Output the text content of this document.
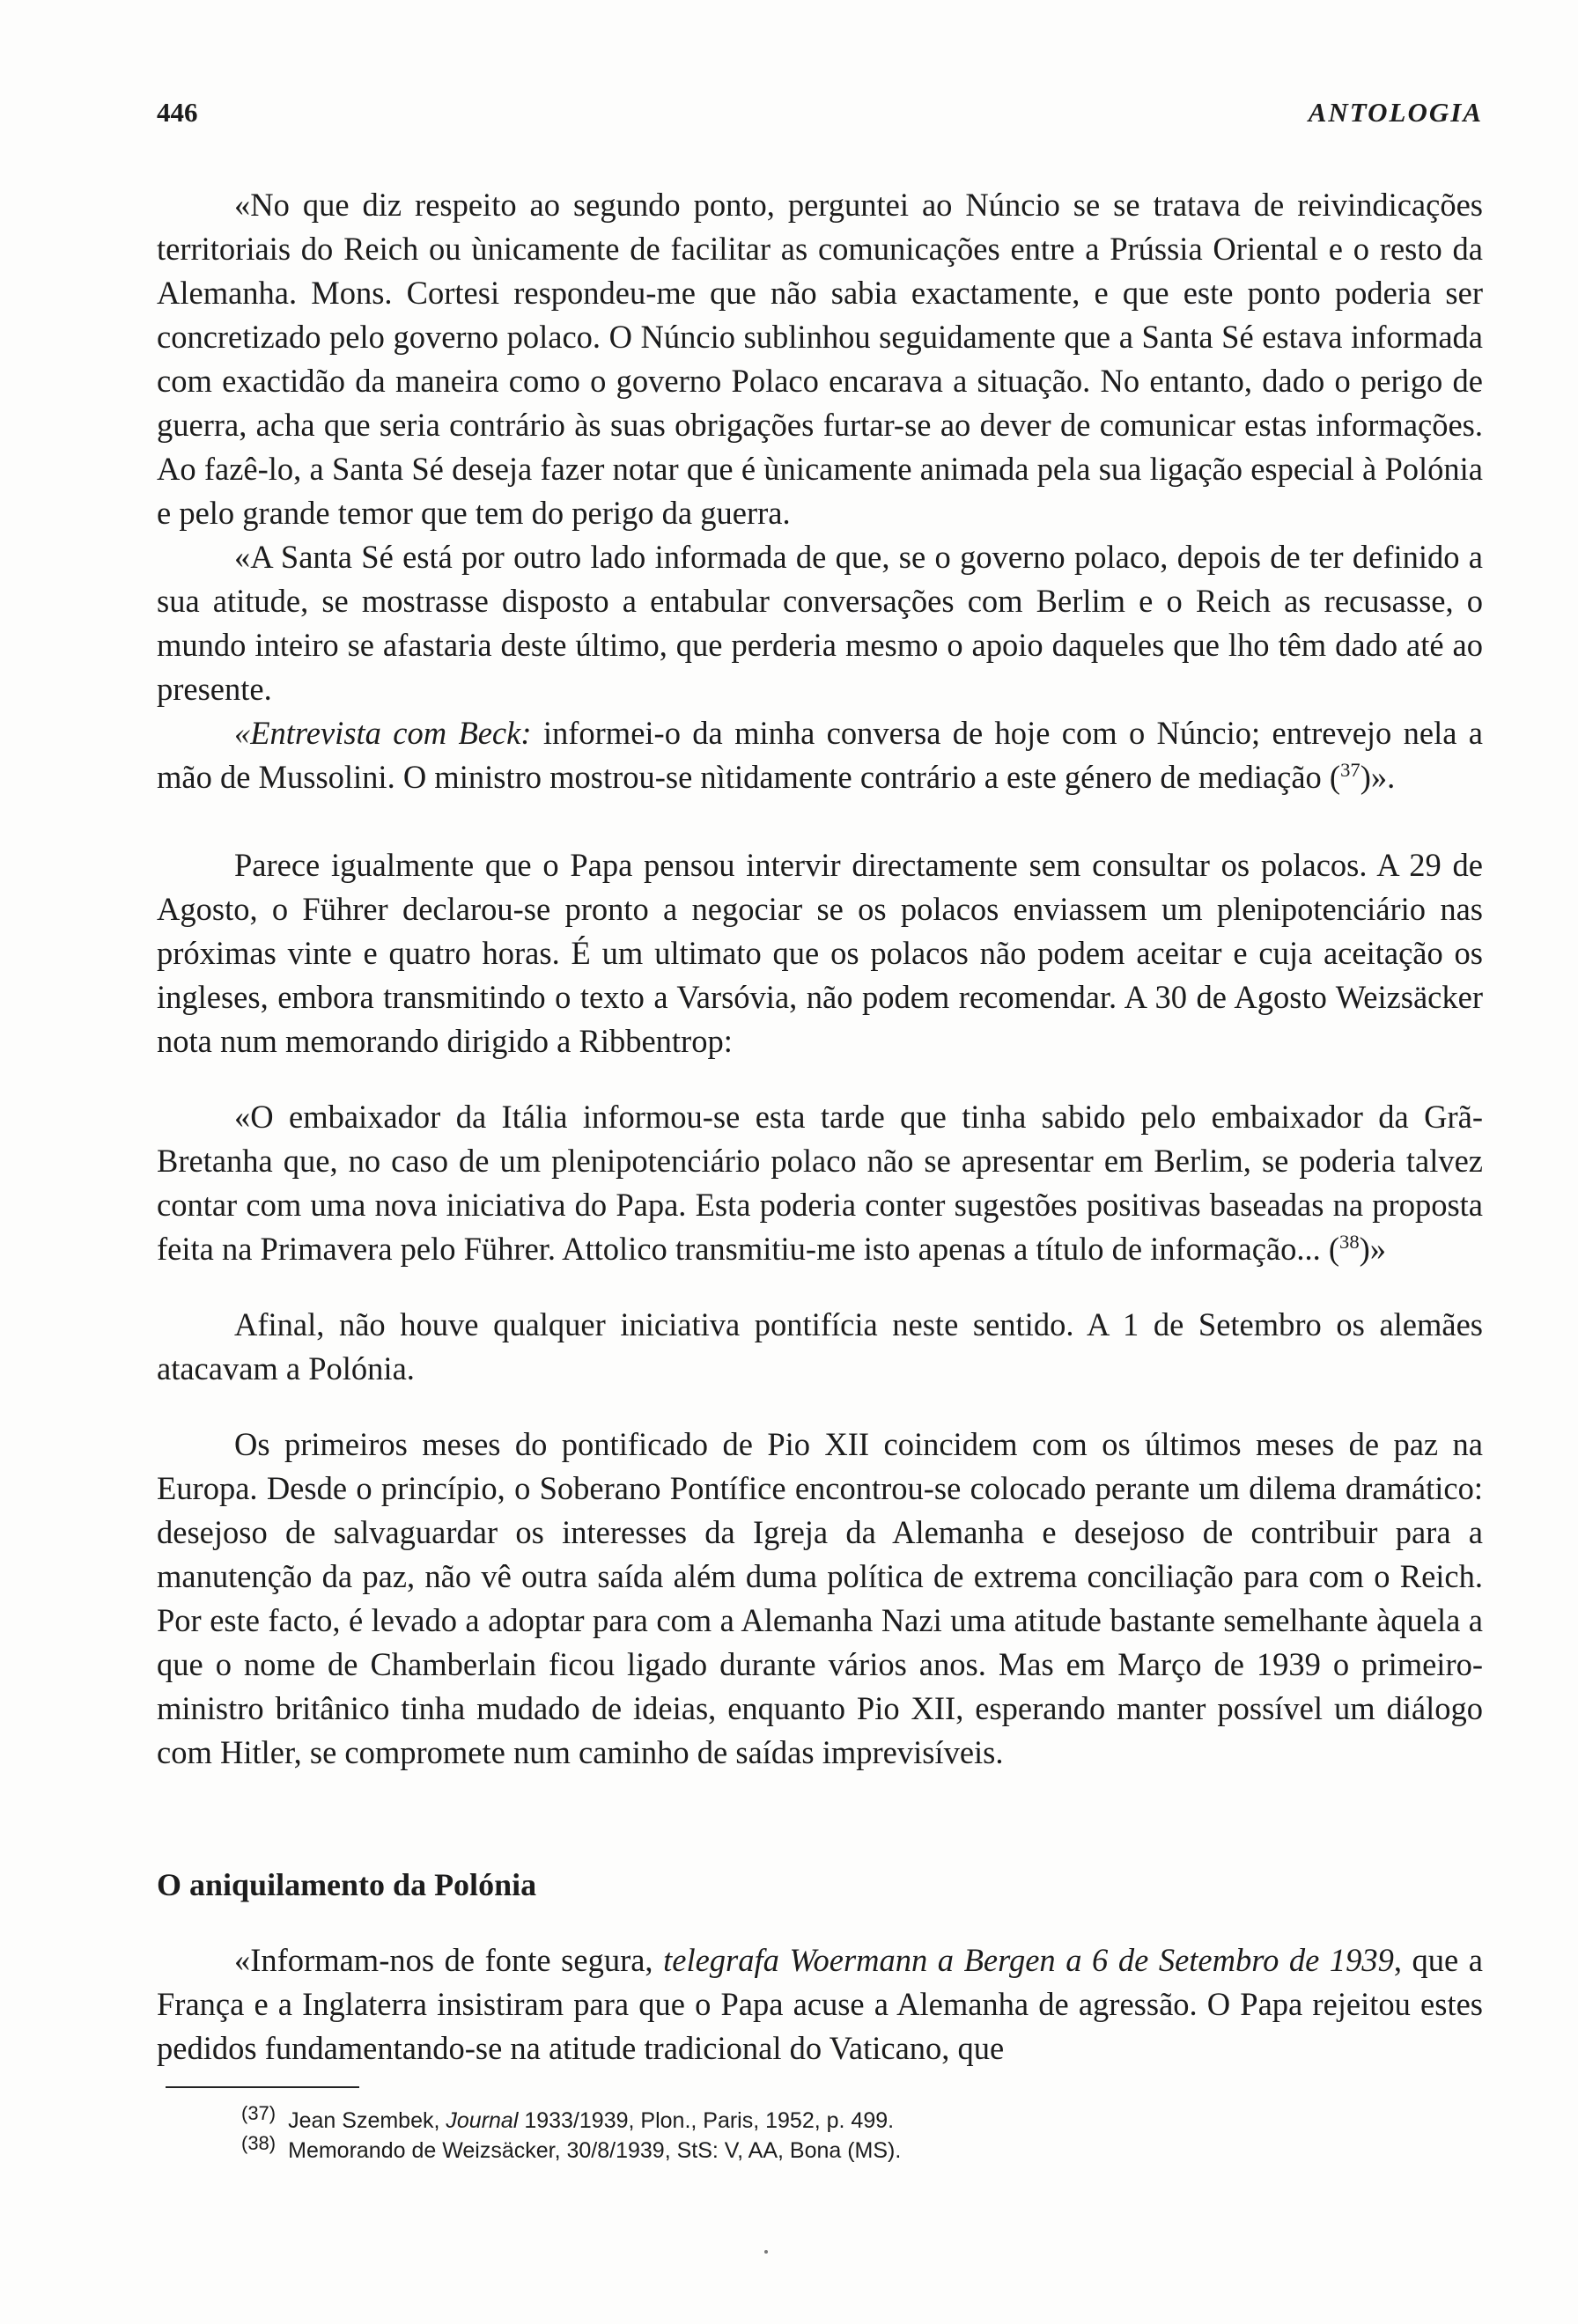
446	ANTOLOGIA

«No que diz respeito ao segundo ponto, perguntei ao Núncio se se tratava de reivindicações territoriais do Reich ou ùnicamente de facilitar as comunicações entre a Prússia Oriental e o resto da Alemanha. Mons. Cortesi respondeu-me que não sabia exactamente, e que este ponto poderia ser concretizado pelo governo polaco. O Núncio sublinhou seguidamente que a Santa Sé estava informada com exactidão da maneira como o governo Polaco encarava a situação. No entanto, dado o perigo de guerra, acha que seria contrário às suas obrigações furtar-se ao dever de comunicar estas informações. Ao fazê-lo, a Santa Sé deseja fazer notar que é ùnicamente animada pela sua ligação especial à Polónia e pelo grande temor que tem do perigo da guerra.

«A Santa Sé está por outro lado informada de que, se o governo polaco, depois de ter definido a sua atitude, se mostrasse disposto a entabular conversações com Berlim e o Reich as recusasse, o mundo inteiro se afastaria deste último, que perderia mesmo o apoio daqueles que lho têm dado até ao presente.

«Entrevista com Beck: informei-o da minha conversa de hoje com o Núncio; entrevejo nela a mão de Mussolini. O ministro mostrou-se nìtidamente contrário a este género de mediação ($^{37}$)».

Parece igualmente que o Papa pensou intervir directamente sem consultar os polacos. A 29 de Agosto, o Führer declarou-se pronto a negociar se os polacos enviassem um plenipotenciário nas próximas vinte e quatro horas. É um ultimato que os polacos não podem aceitar e cuja aceitação os ingleses, embora transmitindo o texto a Varsóvia, não podem recomendar. A 30 de Agosto Weizsäcker nota num memorando dirigido a Ribbentrop:

«O embaixador da Itália informou-se esta tarde que tinha sabido pelo embaixador da Grã-Bretanha que, no caso de um plenipotenciário polaco não se apresentar em Berlim, se poderia talvez contar com uma nova iniciativa do Papa. Esta poderia conter sugestões positivas baseadas na proposta feita na Primavera pelo Führer. Attolico transmitiu-me isto apenas a título de informação... ($^{38}$)»

Afinal, não houve qualquer iniciativa pontifícia neste sentido. A 1 de Setembro os alemães atacavam a Polónia.

Os primeiros meses do pontificado de Pio XII coincidem com os últimos meses de paz na Europa. Desde o princípio, o Soberano Pontífice encontrou-se colocado perante um dilema dramático: desejoso de salvaguardar os interesses da Igreja da Alemanha e desejoso de contribuir para a manutenção da paz, não vê outra saída além duma política de extrema conciliação para com o Reich. Por este facto, é levado a adoptar para com a Alemanha Nazi uma atitude bastante semelhante àquela a que o nome de Chamberlain ficou ligado durante vários anos. Mas em Março de 1939 o primeiro-ministro britânico tinha mudado de ideias, enquanto Pio XII, esperando manter possível um diálogo com Hitler, se compromete num caminho de saídas imprevisíveis.

O aniquilamento da Polónia

«Informam-nos de fonte segura, telegrafa Woermann a Bergen a 6 de Setembro de 1939, que a França e a Inglaterra insistiram para que o Papa acuse a Alemanha de agressão. O Papa rejeitou estes pedidos fundamentando-se na atitude tradicional do Vaticano, que

(37) Jean Szembek, Journal 1933/1939, Plon., Paris, 1952, p. 499.
(38) Memorando de Weizsäcker, 30/8/1939, StS: V, AA, Bona (MS).
